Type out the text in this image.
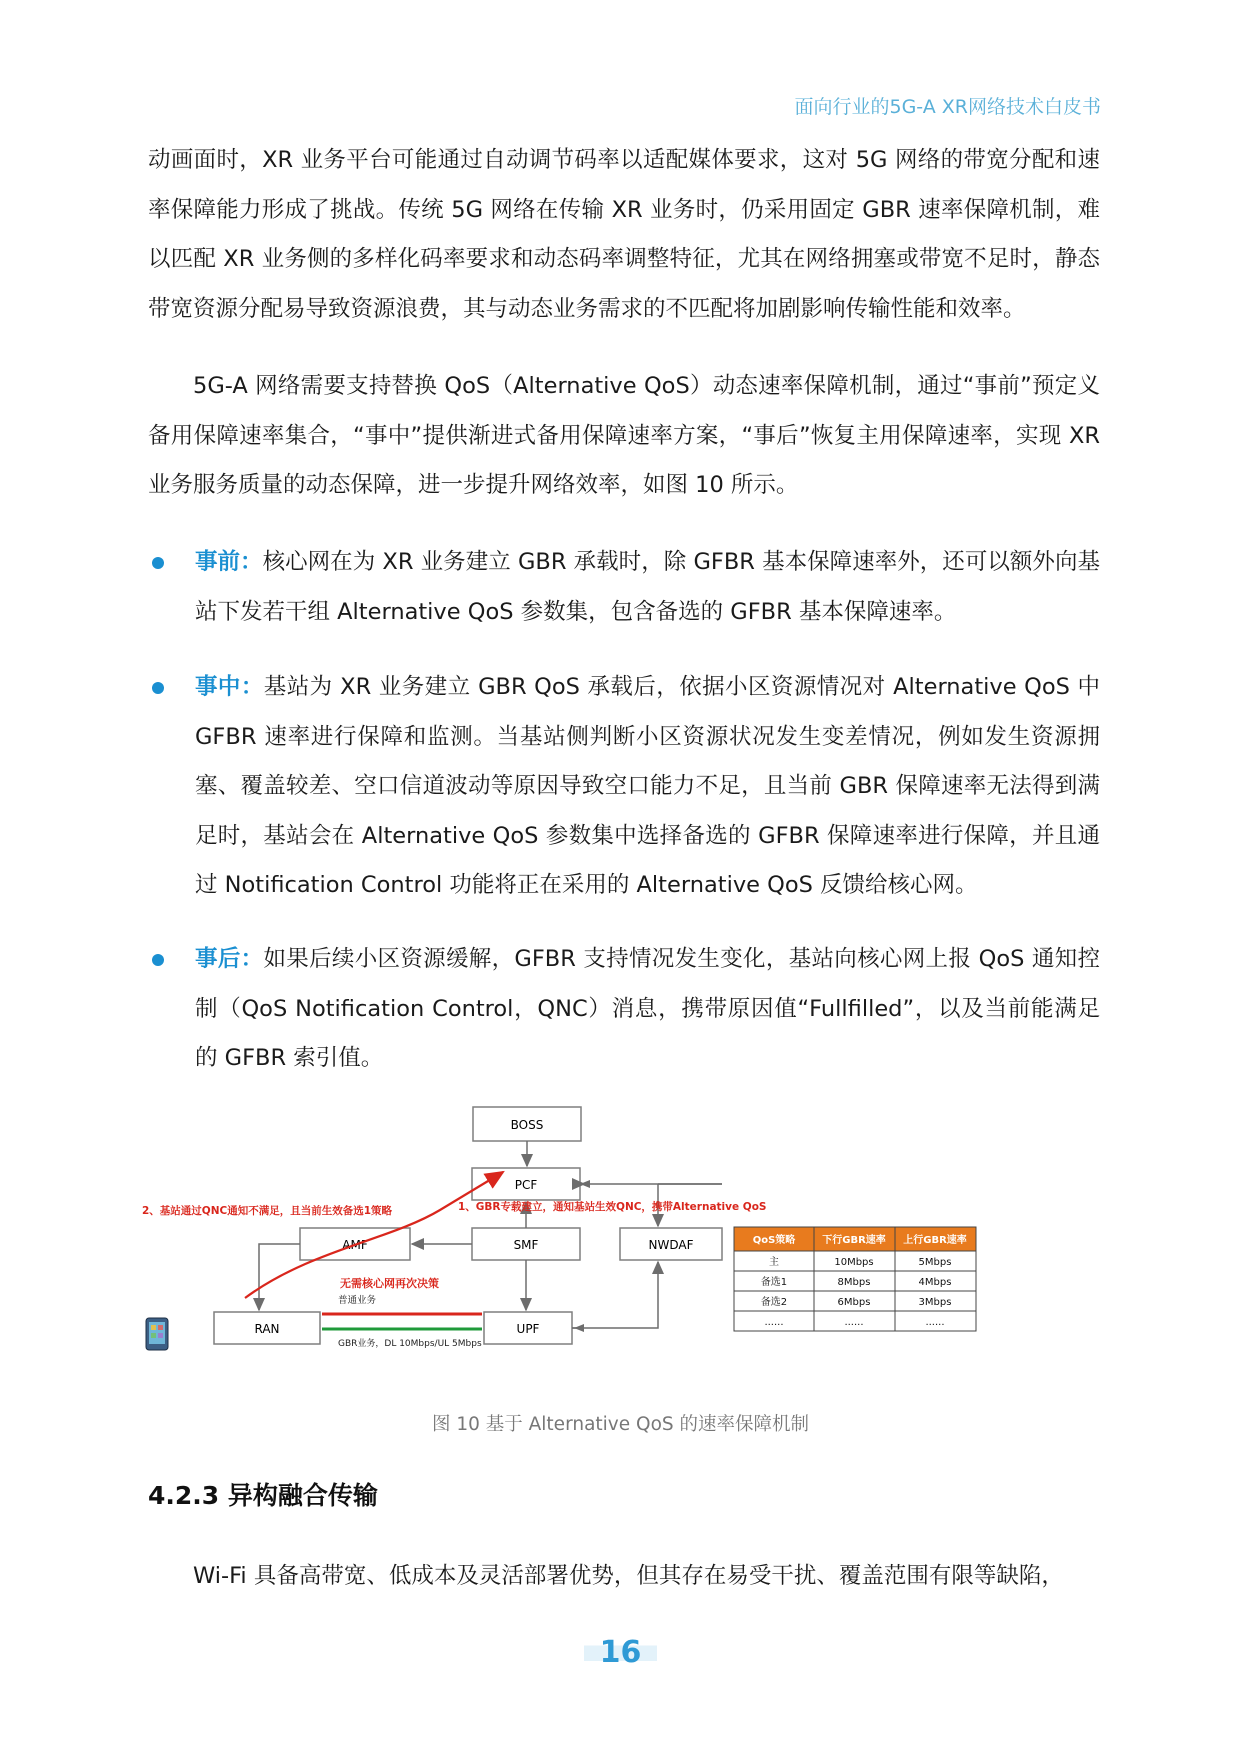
面向行业的5G-A XR网络技术白皮书

动画面时，XR 业务平台可能通过自动调节码率以适配媒体要求，这对 5G 网络的带宽分配和速率保障能力形成了挑战。传统 5G 网络在传输 XR 业务时，仍采用固定 GBR 速率保障机制，难以匹配 XR 业务侧的多样化码率要求和动态码率调整特征，尤其在网络拥塞或带宽不足时，静态带宽资源分配易导致资源浪费，其与动态业务需求的不匹配将加剧影响传输性能和效率。

5G-A 网络需要支持替换 QoS（Alternative QoS）动态速率保障机制，通过“事前”预定义备用保障速率集合，“事中”提供渐进式备用保障速率方案，“事后”恢复主用保障速率，实现 XR 业务服务质量的动态保障，进一步提升网络效率，如图 10 所示。

事前：核心网在为 XR 业务建立 GBR 承载时，除 GFBR 基本保障速率外，还可以额外向基站下发若干组 Alternative QoS 参数集，包含备选的 GFBR 基本保障速率。
事中：基站为 XR 业务建立 GBR QoS 承载后，依据小区资源情况对 Alternative QoS 中 GFBR 速率进行保障和监测。当基站侧判断小区资源状况发生变差情况，例如发生资源拥塞、覆盖较差、空口信道波动等原因导致空口能力不足，且当前 GBR 保障速率无法得到满足时，基站会在 Alternative QoS 参数集中选择备选的 GFBR 保障速率进行保障，并且通过 Notification Control 功能将正在采用的 Alternative QoS 反馈给核心网。
事后：如果后续小区资源缓解，GFBR 支持情况发生变化，基站向核心网上报 QoS 通知控制（QoS Notification Control，QNC）消息，携带原因值“Fullfilled”，以及当前能满足的 GFBR 索引值。
BOSS
PCF
AMF	SMF	NWDAF
RAN	UPF
2、基站通过QNC通知不满足，且当前生效备选1策略	1、GBR专载建立，通知基站生效QNC，携带Alternative QoS
无需核心网再次决策
普通业务
GBR业务，DL 10Mbps/UL 5Mbps
QoS策略	下行GBR速率 上行GBR速率
主	10Mbps	5Mbps
备选1	8Mbps	4Mbps
备选2	6Mbps	3Mbps
......	......	......
图 10 基于 Alternative QoS 的速率保障机制
4.2.3 异构融合传输

Wi-Fi 具备高带宽、低成本及灵活部署优势，但其存在易受干扰、覆盖范围有限等缺陷，

16
